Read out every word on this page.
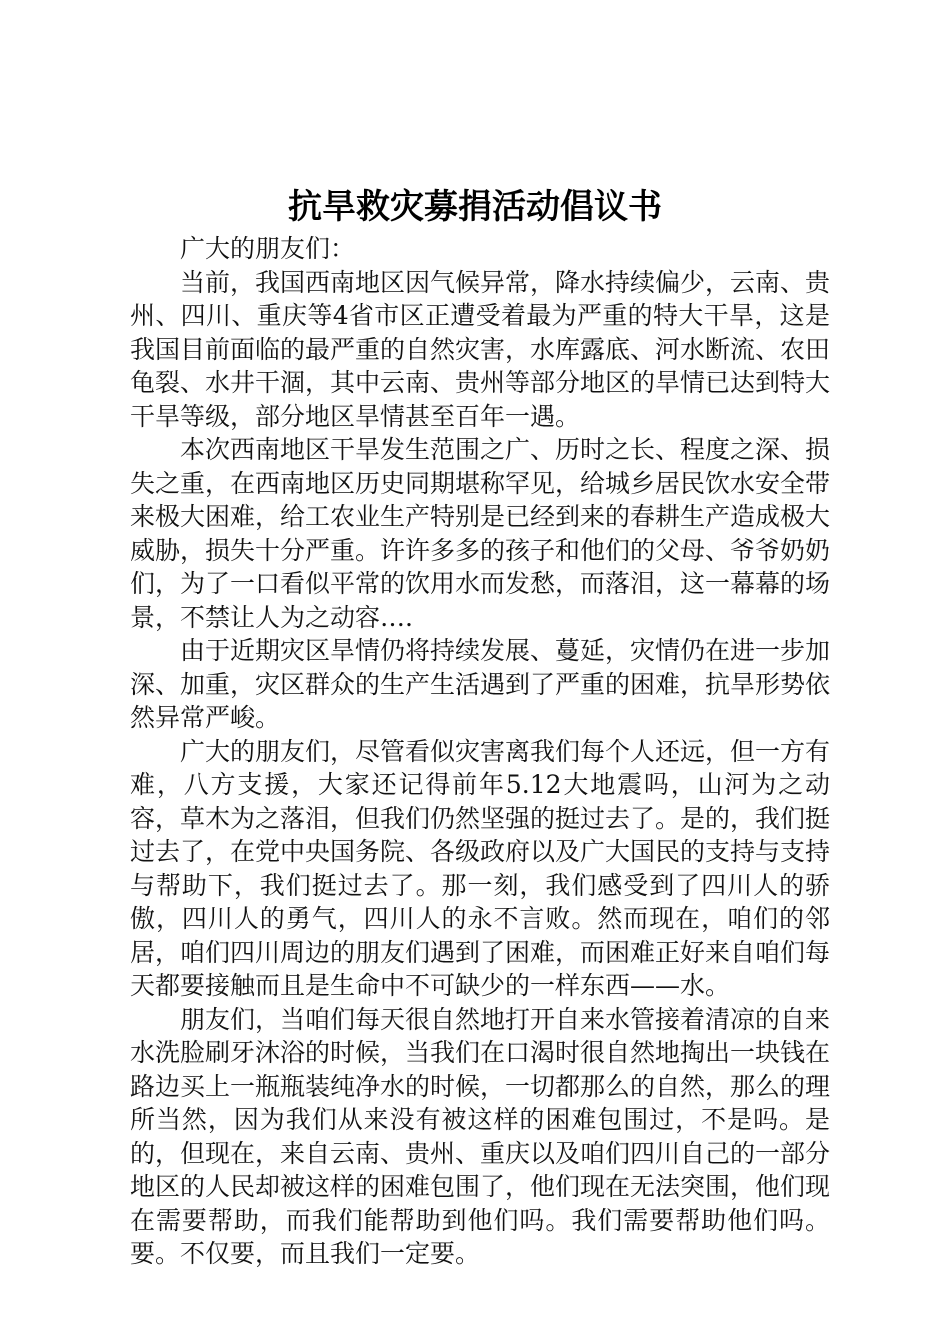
抗旱救灾募捐活动倡议书

广大的朋友们：

当前，我国西南地区因气候异常，降水持续偏少，云南、贵州、四川、重庆等4省市区正遭受着最为严重的特大干旱，这是我国目前面临的最严重的自然灾害，水库露底、河水断流、农田龟裂、水井干涸，其中云南、贵州等部分地区的旱情已达到特大干旱等级，部分地区旱情甚至百年一遇。

本次西南地区干旱发生范围之广、历时之长、程度之深、损失之重，在西南地区历史同期堪称罕见，给城乡居民饮水安全带来极大困难，给工农业生产特别是已经到来的春耕生产造成极大威胁，损失十分严重。许许多多的孩子和他们的父母、爷爷奶奶们，为了一口看似平常的饮用水而发愁，而落泪，这一幕幕的场景，不禁让人为之动容….

由于近期灾区旱情仍将持续发展、蔓延，灾情仍在进一步加深、加重，灾区群众的生产生活遇到了严重的困难，抗旱形势依然异常严峻。

广大的朋友们，尽管看似灾害离我们每个人还远，但一方有难，八方支援，大家还记得前年5.12大地震吗，山河为之动容，草木为之落泪，但我们仍然坚强的挺过去了。是的，我们挺过去了，在党中央国务院、各级政府以及广大国民的支持与支持与帮助下，我们挺过去了。那一刻，我们感受到了四川人的骄傲，四川人的勇气，四川人的永不言败。然而现在，咱们的邻居，咱们四川周边的朋友们遇到了困难，而困难正好来自咱们每天都要接触而且是生命中不可缺少的一样东西——水。

朋友们，当咱们每天很自然地打开自来水管接着清凉的自来水洗脸刷牙沐浴的时候，当我们在口渴时很自然地掏出一块钱在路边买上一瓶瓶装纯净水的时候，一切都那么的自然，那么的理所当然，因为我们从来没有被这样的困难包围过，不是吗。是的，但现在，来自云南、贵州、重庆以及咱们四川自己的一部分地区的人民却被这样的困难包围了，他们现在无法突围，他们现在需要帮助，而我们能帮助到他们吗。我们需要帮助他们吗。要。不仅要，而且我们一定要。
